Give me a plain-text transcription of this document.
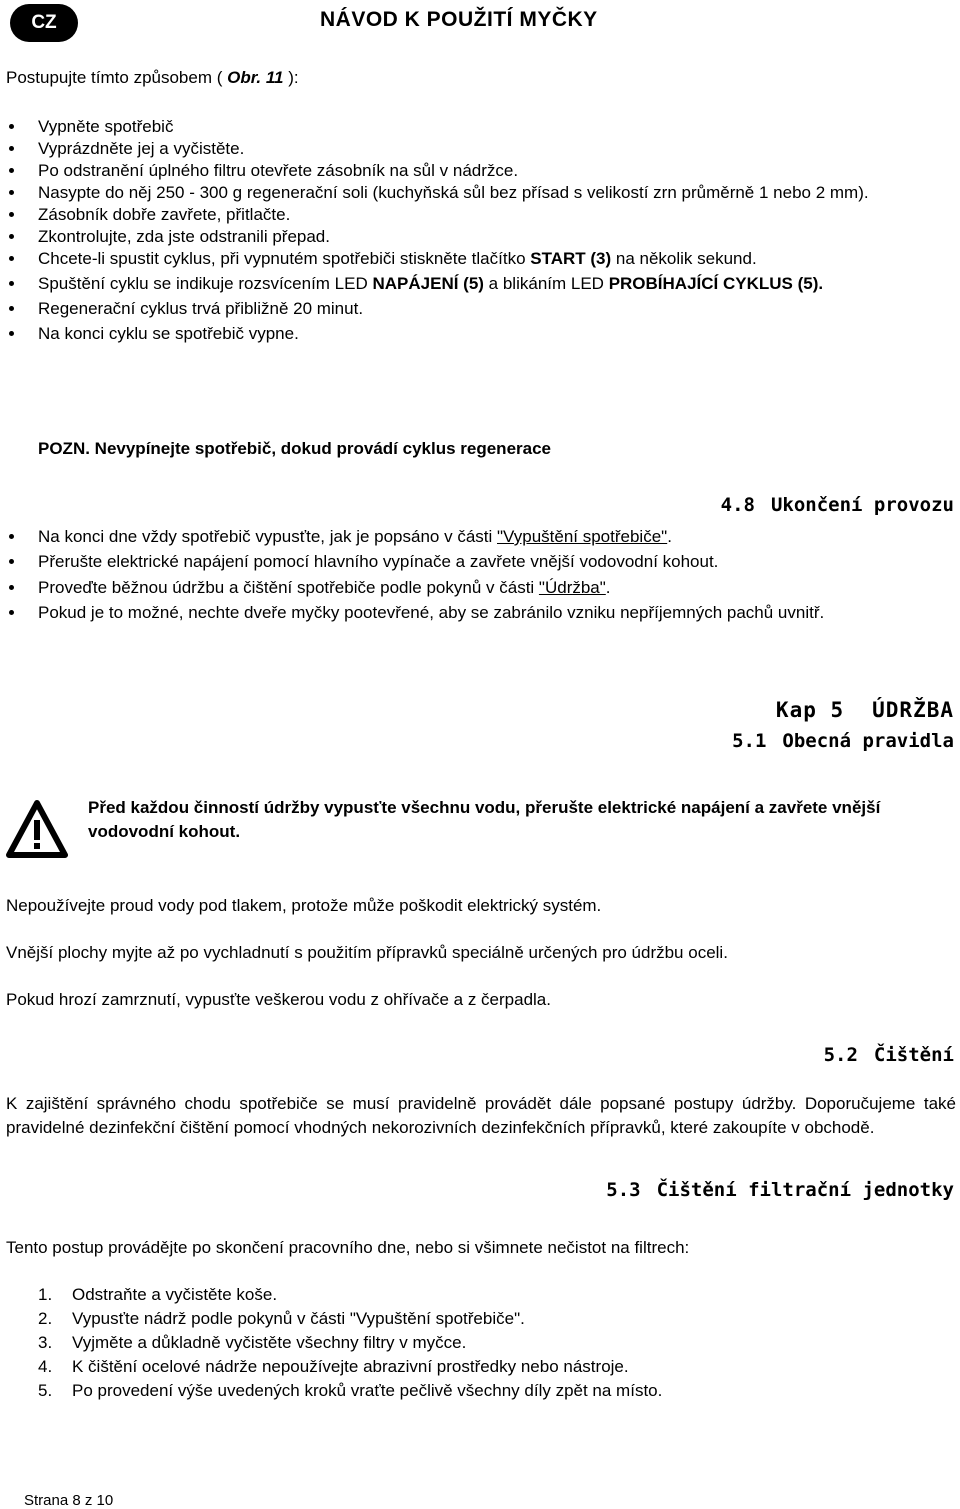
CZ	NÁVOD K POUŽITÍ MYČKY
Postupujte tímto způsobem ( Obr. 11 ):
Vypněte spotřebič
Vyprázdněte jej a vyčistěte.
Po odstranění úplného filtru otevřete zásobník na sůl v nádržce.
Nasypte do něj 250 - 300 g regenerační soli (kuchyňská sůl bez přísad s velikostí zrn průměrně 1 nebo 2 mm).
Zásobník dobře zavřete, přitlačte.
Zkontrolujte, zda jste odstranili přepad.
Chcete-li spustit cyklus, při vypnutém spotřebiči stiskněte tlačítko START (3) na několik sekund.
Spuštění cyklu se indikuje rozsvícením LED NAPÁJENÍ (5) a blikáním LED PROBÍHAJÍCÍ CYKLUS (5).
Regenerační cyklus trvá přibližně 20 minut.
Na konci cyklu se spotřebič vypne.
POZN. Nevypínejte spotřebič, dokud provádí cyklus regenerace
4.8 Ukončení provozu
Na konci dne vždy spotřebič vypusťte, jak je popsáno v části "Vypuštění spotřebiče".
Přerušte elektrické napájení pomocí hlavního vypínače a zavřete vnější vodovodní kohout.
Proveďte běžnou údržbu a čištění spotřebiče podle pokynů v části "Údržba".
Pokud je to možné, nechte dveře myčky pootevřené, aby se zabránilo vzniku nepříjemných pachů uvnitř.
Kap 5 ÚDRŽBA
5.1 Obecná pravidla
Před každou činností údržby vypusťte všechnu vodu, přerušte elektrické napájení a zavřete vnější vodovodní kohout.
Nepoužívejte proud vody pod tlakem, protože může poškodit elektrický systém.
Vnější plochy myjte až po vychladnutí s použitím přípravků speciálně určených pro údržbu oceli.
Pokud hrozí zamrznutí, vypusťte veškerou vodu z ohřívače a z čerpadla.
5.2 Čištění
K zajištění správného chodu spotřebiče se musí pravidelně provádět dále popsané postupy údržby. Doporučujeme také pravidelné dezinfekční čištění pomocí vhodných nekorozivních dezinfekčních přípravků, které zakoupíte v obchodě.
5.3 Čištění filtrační jednotky
Tento postup provádějte po skončení pracovního dne, nebo si všimnete nečistot na filtrech:
1. Odstraňte a vyčistěte koše.
2. Vypusťte nádrž podle pokynů v části "Vypuštění spotřebiče".
3. Vyjměte a důkladně vyčistěte všechny filtry v myčce.
4. K čištění ocelové nádrže nepoužívejte abrazivní prostředky nebo nástroje.
5. Po provedení výše uvedených kroků vraťte pečlivě všechny díly zpět na místo.
Strana 8 z 10
